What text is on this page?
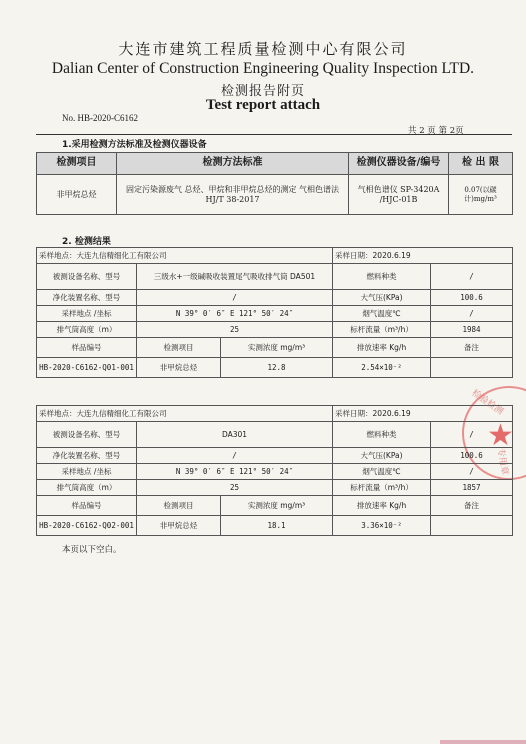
大连市建筑工程质量检测中心有限公司
Dalian Center of Construction Engineering Quality Inspection LTD.
检测报告附页
Test report attach
No. HB-2020-C6162
共 2 页 第 2页
1.采用检测方法标准及检测仪器设备
检测项目	检测方法标准	检测仪器设备/编号	检 出 限
非甲烷总烃	固定污染源废气 总烃、甲烷和非甲烷总烃的测定 气相色谱法 HJ/T 38-2017	气相色谱仪 SP-3420A /HJC-01B	0.07(以碳计)mg/m³
2. 检测结果
采样地点：大连九信精细化工有限公司			采样日期：2020.6.19	
被测设备名称、型号	三级水+一级碱吸收装置尾气吸收排气筒 DA501		燃料种类	/
净化装置名称、型号	/		大气压(KPa)	100.6
采样地点 /坐标	N 39° 0′ 6″ E 121° 50′ 24″		烟气温度℃	/
排气筒高度（m）	25		标杆流量（m³/h）	1984
样品编号	检测项目	实测浓度 mg/m³	排放速率 Kg/h	备注
HB-2020-C6162-Q01-001	非甲烷总烃	12.8	2.54×10⁻²	
★
检验检测
专用章
采样地点：大连九信精细化工有限公司			采样日期：2020.6.19	
被测设备名称、型号	DA301		燃料种类	/
净化装置名称、型号	/		大气压(KPa)	100.6
采样地点 /坐标	N 39° 0′ 6″ E 121° 50′ 24″		烟气温度℃	/
排气筒高度（m）	25		标杆流量（m³/h）	1857
样品编号	检测项目	实测浓度 mg/m³	排放速率 Kg/h	备注
HB-2020-C6162-Q02-001	非甲烷总烃	18.1	3.36×10⁻²	
本页以下空白。
